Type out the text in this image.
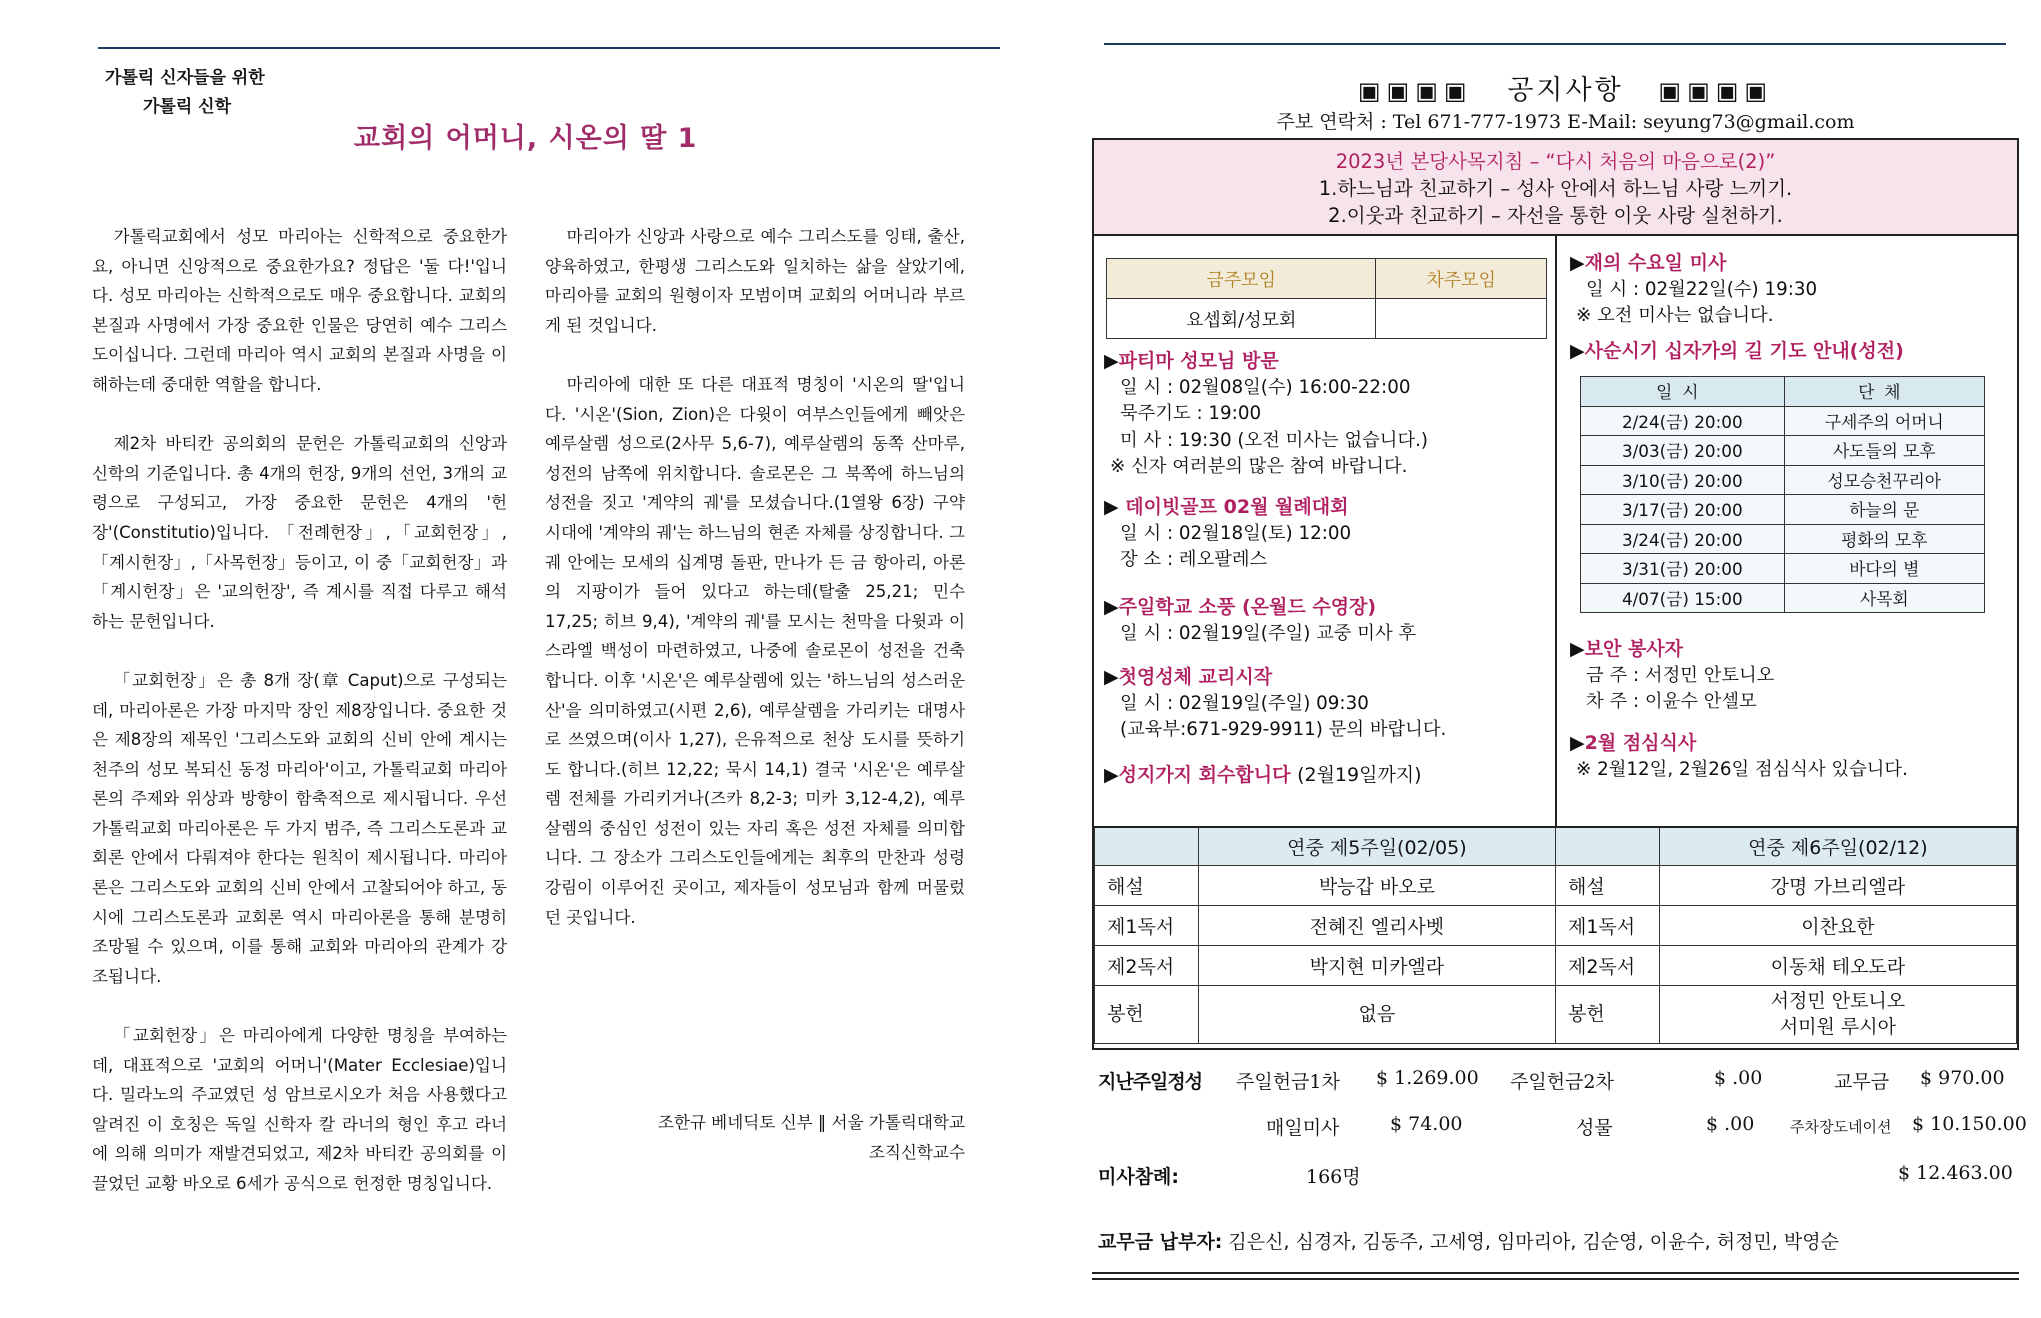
가톨릭 신자들을 위한
가톨릭 신학
교회의 어머니, 시온의 딸 1

가톨릭교회에서 성모 마리아는 신학적으로 중요한가요, 아니면 신앙적으로 중요한가요? 정답은 '둘 다!'입니다. 성모 마리아는 신학적으로도 매우 중요합니다. 교회의 본질과 사명에서 가장 중요한 인물은 당연히 예수 그리스도이십니다. 그런데 마리아 역시 교회의 본질과 사명을 이해하는데 중대한 역할을 합니다.

제2차 바티칸 공의회의 문헌은 가톨릭교회의 신앙과 신학의 기준입니다. 총 4개의 헌장, 9개의 선언, 3개의 교령으로 구성되고, 가장 중요한 문헌은 4개의 '헌장'(Constitutio)입니다. 「전례헌장」,「교회헌장」,「계시헌장」,「사목헌장」등이고, 이 중「교회헌장」과「계시헌장」은 '교의헌장', 즉 계시를 직접 다루고 해석하는 문헌입니다.

「교회헌장」은 총 8개 장(章 Caput)으로 구성되는데, 마리아론은 가장 마지막 장인 제8장입니다. 중요한 것은 제8장의 제목인 '그리스도와 교회의 신비 안에 계시는 천주의 성모 복되신 동정 마리아'이고, 가톨릭교회 마리아론의 주제와 위상과 방향이 함축적으로 제시됩니다. 우선 가톨릭교회 마리아론은 두 가지 범주, 즉 그리스도론과 교회론 안에서 다뤄져야 한다는 원칙이 제시됩니다. 마리아론은 그리스도와 교회의 신비 안에서 고찰되어야 하고, 동시에 그리스도론과 교회론 역시 마리아론을 통해 분명히 조망될 수 있으며, 이를 통해 교회와 마리아의 관계가 강조됩니다.

「교회헌장」은 마리아에게 다양한 명칭을 부여하는데, 대표적으로 '교회의 어머니'(Mater Ecclesiae)입니다. 밀라노의 주교였던 성 암브로시오가 처음 사용했다고 알려진 이 호칭은 독일 신학자 칼 라너의 형인 후고 라너에 의해 의미가 재발견되었고, 제2차 바티칸 공의회를 이끌었던 교황 바오로 6세가 공식으로 헌정한 명칭입니다.

마리아가 신앙과 사랑으로 예수 그리스도를 잉태, 출산, 양육하였고, 한평생 그리스도와 일치하는 삶을 살았기에, 마리아를 교회의 원형이자 모범이며 교회의 어머니라 부르게 된 것입니다.

마리아에 대한 또 다른 대표적 명칭이 '시온의 딸'입니다. '시온'(Sion, Zion)은 다윗이 여부스인들에게 빼앗은 예루살렘 성으로(2사무 5,6-7), 예루살렘의 동쪽 산마루, 성전의 남쪽에 위치합니다. 솔로몬은 그 북쪽에 하느님의 성전을 짓고 '계약의 궤'를 모셨습니다.(1열왕 6장) 구약 시대에 '계약의 궤'는 하느님의 현존 자체를 상징합니다. 그 궤 안에는 모세의 십계명 돌판, 만나가 든 금 항아리, 아론의 지팡이가 들어 있다고 하는데(탈출 25,21; 민수 17,25; 히브 9,4), '계약의 궤'를 모시는 천막을 다윗과 이스라엘 백성이 마련하였고, 나중에 솔로몬이 성전을 건축합니다. 이후 '시온'은 예루살렘에 있는 '하느님의 성스러운 산'을 의미하였고(시편 2,6), 예루살렘을 가리키는 대명사로 쓰였으며(이사 1,27), 은유적으로 천상 도시를 뜻하기도 합니다.(히브 12,22; 묵시 14,1) 결국 '시온'은 예루살렘 전체를 가리키거나(즈카 8,2-3; 미카 3,12-4,2), 예루살렘의 중심인 성전이 있는 자리 혹은 성전 자체를 의미합니다. 그 장소가 그리스도인들에게는 최후의 만찬과 성령 강림이 이루어진 곳이고, 제자들이 성모님과 함께 머물렀던 곳입니다.

조한규 베네딕토 신부 ‖ 서울 가톨릭대학교
조직신학교수
▣▣▣▣ 공지사항 ▣▣▣▣
주보 연락처 : Tel 671-777-1973 E-Mail: seyung73@gmail.com
2023년 본당사목지침 – “다시 처음의 마음으로(2)”
1.하느님과 친교하기 – 성사 안에서 하느님 사랑 느끼기.
2.이웃과 친교하기 – 자선을 통한 이웃 사랑 실천하기.
금주모임	차주모임
요셉회/성모회	
▶파티마 성모님 방문
일 시 : 02월08일(수) 16:00-22:00
묵주기도 : 19:00
미 사 : 19:30 (오전 미사는 없습니다.)
※ 신자 여러분의 많은 참여 바랍니다.
▶ 데이빗골프 02월 월례대회
일 시 : 02월18일(토) 12:00
장 소 : 레오팔레스
▶주일학교 소풍 (온월드 수영장)
일 시 : 02월19일(주일) 교중 미사 후
▶첫영성체 교리시작
일 시 : 02월19일(주일) 09:30
(교육부:671-929-9911) 문의 바랍니다.
▶성지가지 회수합니다 (2월19일까지)
▶재의 수요일 미사
일 시 : 02월22일(수) 19:30
※ 오전 미사는 없습니다.
▶사순시기 십자가의 길 기도 안내(성전)
일시	단체
2/24(금) 20:00	구세주의 어머니
3/03(금) 20:00	사도들의 모후
3/10(금) 20:00	성모승천꾸리아
3/17(금) 20:00	하늘의 문
3/24(금) 20:00	평화의 모후
3/31(금) 20:00	바다의 별
4/07(금) 15:00	사목회
▶보안 봉사자
금 주 : 서정민 안토니오
차 주 : 이윤수 안셀모
▶2월 점심식사
※ 2월12일, 2월26일 점심식사 있습니다.
	연중 제5주일(02/05)		연중 제6주일(02/12)
해설	박능갑 바오로	해설	강명 가브리엘라
제1독서	전혜진 엘리사벳	제1독서	이찬요한
제2독서	박지현 미카엘라	제2독서	이동채 테오도라
봉헌	없음	봉헌	서정민 안토니오
서미원 루시아
지난주일정성 주일헌금1차 $ 1.269.00 주일헌금2차	$ .00	교무금 $ 970.00
매일미사	$ 74.00	성물	$ .00 주차장도네이션 $ 10.150.00
미사참례:	166명	$ 12.463.00
교무금 납부자: 김은신, 심경자, 김동주, 고세영, 임마리아, 김순영, 이윤수, 허정민, 박영순
